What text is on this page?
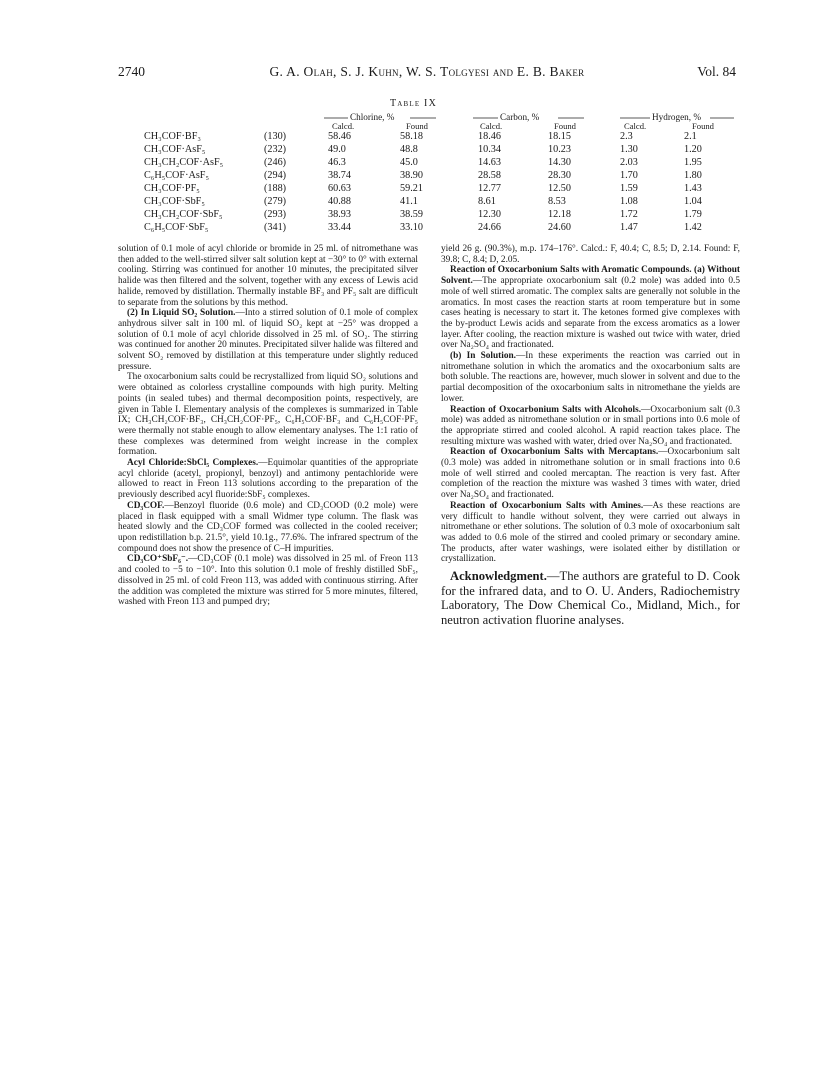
2740	G. A. Olah, S. J. Kuhn, W. S. Tolgyesi and E. B. Baker	Vol. 84
Table IX
Chlorine, %	Carbon, %	Hydrogen, %
Calcd.	Found	Calcd.	Found	Calcd.	Found
CH₃COF·BF₃	(130)	58.46	58.18	18.46	18.15	2.3	2.1
CH₃COF·AsF₅	(232)	49.0	48.8	10.34	10.23	1.30	1.20
CH₃CH₂COF·AsF₅	(246)	46.3	45.0	14.63	14.30	2.03	1.95
C₆H₅COF·AsF₅	(294)	38.74	38.90	28.58	28.30	1.70	1.80
CH₃COF·PF₅	(188)	60.63	59.21	12.77	12.50	1.59	1.43
CH₃COF·SbF₅	(279)	40.88	41.1	8.61	8.53	1.08	1.04
CH₃CH₂COF·SbF₅	(293)	38.93	38.59	12.30	12.18	1.72	1.79
C₆H₅COF·SbF₅	(341)	33.44	33.10	24.66	24.60	1.47	1.42

solution of 0.1 mole of acyl chloride or bromide in 25 ml. of nitromethane was then added to the well-stirred silver salt solution kept at −30° to 0° with external cooling. Stirring was continued for another 10 minutes, the precipitated silver halide was then filtered and the solvent, together with any excess of Lewis acid halide, removed by distillation. Thermally instable BF₃ and PF₅ salt are difficult to separate from the solutions by this method.

(2) In Liquid SO₂ Solution.—Into a stirred solution of 0.1 mole of complex anhydrous silver salt in 100 ml. of liquid SO₂ kept at −25° was dropped a solution of 0.1 mole of acyl chloride dissolved in 25 ml. of SO₂. The stirring was continued for another 20 minutes. Precipitated silver halide was filtered and solvent SO₂ removed by distillation at this temperature under slightly reduced pressure.

The oxocarbonium salts could be recrystallized from liquid SO₂ solutions and were obtained as colorless crystalline compounds with high purity. Melting points (in sealed tubes) and thermal decomposition points, respectively, are given in Table I. Elementary analysis of the complexes is summarized in Table IX; CH₃CH₂COF·BF₃, CH₃CH₂COF·PF₅, C₆H₅COF·BF₃ and C₆H₅COF·PF₅ were thermally not stable enough to allow elementary analyses. The 1:1 ratio of these complexes was determined from weight increase in the complex formation.

Acyl Chloride:SbCl₅ Complexes.—Equimolar quantities of the appropriate acyl chloride (acetyl, propionyl, benzoyl) and antimony pentachloride were allowed to react in Freon 113 solutions according to the preparation of the previously described acyl fluoride:SbF₅ complexes.

CD₃COF.—Benzoyl fluoride (0.6 mole) and CD₃COOD (0.2 mole) were placed in flask equipped with a small Widmer type column. The flask was heated slowly and the CD₃COF formed was collected in the cooled receiver; upon redistillation b.p. 21.5°, yield 10.1g., 77.6%. The infrared spectrum of the compound does not show the presence of C–H impurities.

CD₃CO⁺SbF₆⁻.—CD₃COF (0.1 mole) was dissolved in 25 ml. of Freon 113 and cooled to −5 to −10°. Into this solution 0.1 mole of freshly distilled SbF₅, dissolved in 25 ml. of cold Freon 113, was added with continuous stirring. After the addition was completed the mixture was stirred for 5 more minutes, filtered, washed with Freon 113 and pumped dry;

yield 26 g. (90.3%), m.p. 174–176°. Calcd.: F, 40.4; C, 8.5; D, 2.14. Found: F, 39.8; C, 8.4; D, 2.05.

Reaction of Oxocarbonium Salts with Aromatic Compounds. (a) Without Solvent.—The appropriate oxocarbonium salt (0.2 mole) was added into 0.5 mole of well stirred aromatic. The complex salts are generally not soluble in the aromatics. In most cases the reaction starts at room temperature but in some cases heating is necessary to start it. The ketones formed give complexes with the by-product Lewis acids and separate from the excess aromatics as a lower layer. After cooling, the reaction mixture is washed out twice with water, dried over Na₂SO₄ and fractionated.

(b) In Solution.—In these experiments the reaction was carried out in nitromethane solution in which the aromatics and the oxocarbonium salts are both soluble. The reactions are, however, much slower in solvent and due to the partial decomposition of the oxocarbonium salts in nitromethane the yields are lower.

Reaction of Oxocarbonium Salts with Alcohols.—Oxocarbonium salt (0.3 mole) was added as nitromethane solution or in small portions into 0.6 mole of the appropriate stirred and cooled alcohol. A rapid reaction takes place. The resulting mixture was washed with water, dried over Na₂SO₄ and fractionated.

Reaction of Oxocarbonium Salts with Mercaptans.—Oxocarbonium salt (0.3 mole) was added in nitromethane solution or in small fractions into 0.6 mole of well stirred and cooled mercaptan. The reaction is very fast. After completion of the reaction the mixture was washed 3 times with water, dried over Na₂SO₄ and fractionated.

Reaction of Oxocarbonium Salts with Amines.—As these reactions are very difficult to handle without solvent, they were carried out always in nitromethane or ether solutions. The solution of 0.3 mole of oxocarbonium salt was added to 0.6 mole of the stirred and cooled primary or secondary amine. The products, after water washings, were isolated either by distillation or crystallization.

Acknowledgment.—The authors are grateful to D. Cook for the infrared data, and to O. U. Anders, Radiochemistry Laboratory, The Dow Chemical Co., Midland, Mich., for neutron activation fluorine analyses.
